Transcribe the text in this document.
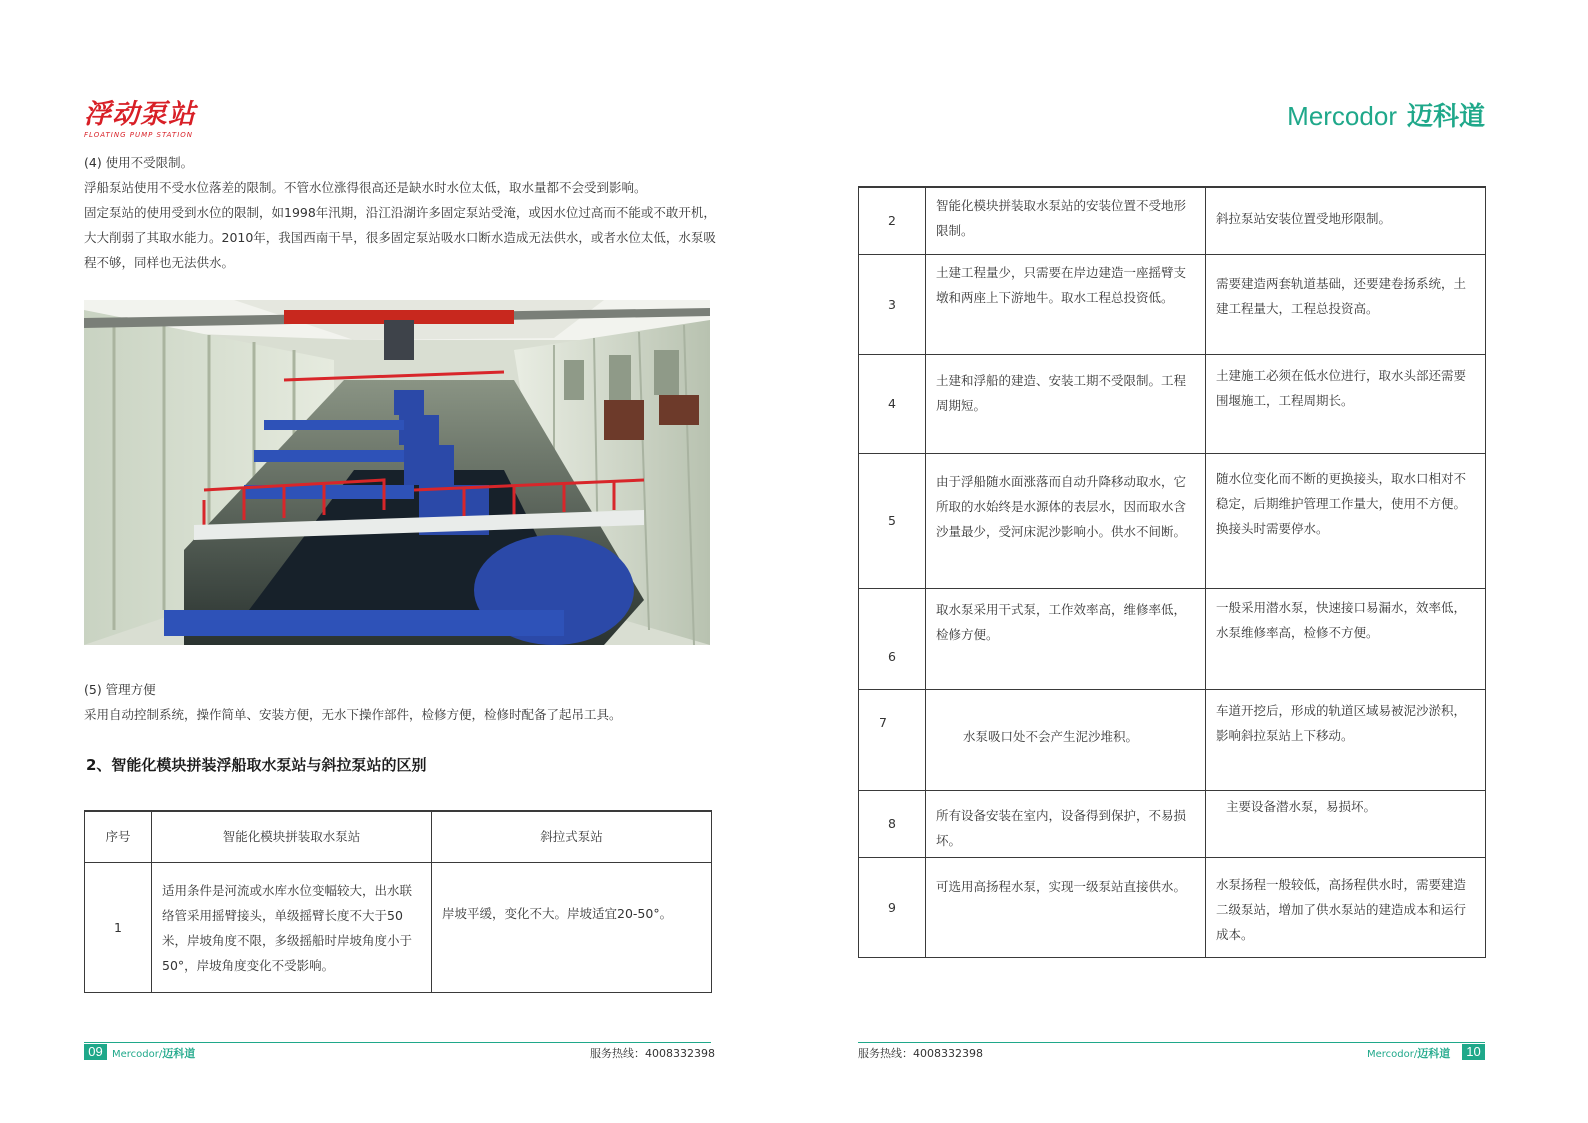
浮动泵站
FLOATING PUMP STATION
Mercodor 迈科道
(4) 使用不受限制。
浮船泵站使用不受水位落差的限制。不管水位涨得很高还是缺水时水位太低，取水量都不会受到影响。
固定泵站的使用受到水位的限制，如1998年汛期，沿江沿湖许多固定泵站受淹，或因水位过高而不能或不敢开机，
大大削弱了其取水能力。2010年，我国西南干旱，很多固定泵站吸水口断水造成无法供水，或者水位太低，水泵吸
程不够，同样也无法供水。
(5) 管理方便
采用自动控制系统，操作简单、安装方便，无水下操作部件，检修方便，检修时配备了起吊工具。
2、智能化模块拼装浮船取水泵站与斜拉泵站的区别
序号	智能化模块拼装取水泵站	斜拉式泵站
1	适用条件是河流或水库水位变幅较大，出水联络管采用摇臂接头，单级摇臂长度不大于50米，岸坡角度不限，多级摇船时岸坡角度小于50°，岸坡角度变化不受影响。	岸坡平缓，变化不大。岸坡适宜20-50°。
2	智能化模块拼装取水泵站的安装位置不受地形限制。	斜拉泵站安装位置受地形限制。
3	土建工程量少，只需要在岸边建造一座摇臂支墩和两座上下游地牛。取水工程总投资低。	需要建造两套轨道基础，还要建卷扬系统，土建工程量大，工程总投资高。
4	土建和浮船的建造、安装工期不受限制。工程周期短。	土建施工必须在低水位进行，取水头部还需要围堰施工，工程周期长。
5	由于浮船随水面涨落而自动升降移动取水，它所取的水始终是水源体的表层水，因而取水含沙量最少，受河床泥沙影响小。供水不间断。	随水位变化而不断的更换接头，取水口相对不稳定，后期维护管理工作量大，使用不方便。换接头时需要停水。
6	取水泵采用干式泵，工作效率高，维修率低，检修方便。	一般采用潜水泵，快速接口易漏水，效率低，水泵维修率高，检修不方便。
7	水泵吸口处不会产生泥沙堆积。	车道开挖后，形成的轨道区域易被泥沙淤积，影响斜拉泵站上下移动。
8	所有设备安装在室内，设备得到保护，不易损坏。	主要设备潜水泵，易损坏。
9	可选用高扬程水泵，实现一级泵站直接供水。	水泵扬程一般较低，高扬程供水时，需要建造二级泵站，增加了供水泵站的建造成本和运行成本。
09 Mercodor/迈科道	服务热线：4008332398	服务热线：4008332398	Mercodor/迈科道	10
